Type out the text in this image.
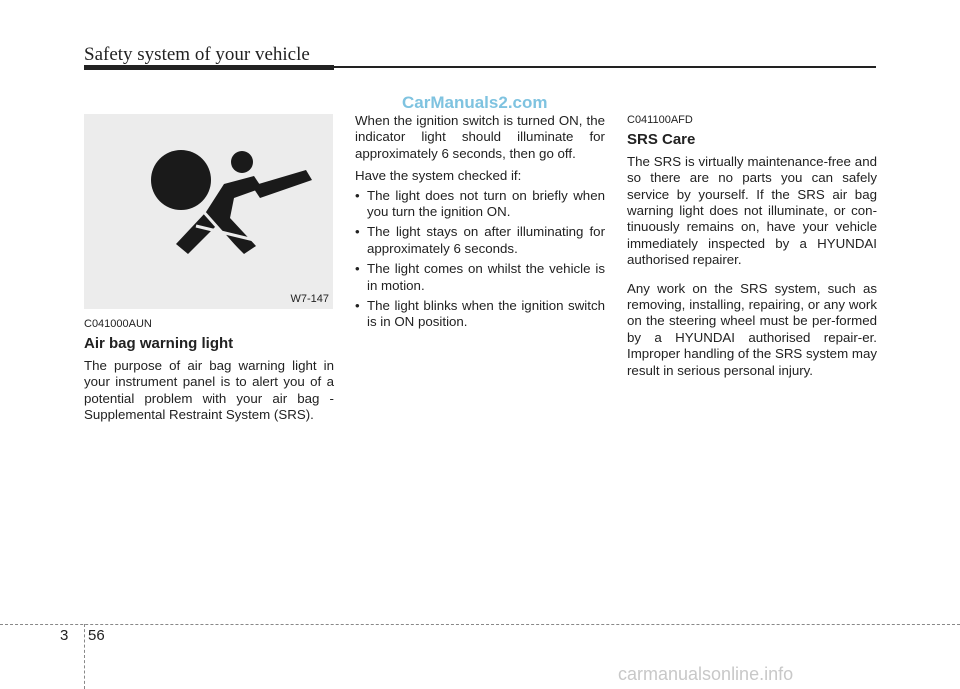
Safety system of your vehicle
CarManuals2.com
W7-147
C041000AUN
Air bag warning light

The purpose of air bag warning light in your instrument panel is to alert you of a potential problem with your air bag - Supplemental Restraint System (SRS).

When the ignition switch is turned ON, the indicator light should illuminate for approximately 6 seconds, then go off.

Have the system checked if:

• The light does not turn on briefly when you turn the ignition ON.
• The light stays on after illuminating for approximately 6 seconds.
• The light comes on whilst the vehicle is in motion.
• The light blinks when the ignition switch is in ON position.
C041100AFD
SRS Care

The SRS is virtually maintenance-free and so there are no parts you can safely service by yourself. If the SRS air bag warning light does not illuminate, or con-tinuously remains on, have your vehicle immediately inspected by a HYUNDAI authorised repairer.

Any work on the SRS system, such as removing, installing, repairing, or any work on the steering wheel must be per-formed by a HYUNDAI authorised repair-er. Improper handling of the SRS system may result in serious personal injury.

3 56
carmanualsonline.info
